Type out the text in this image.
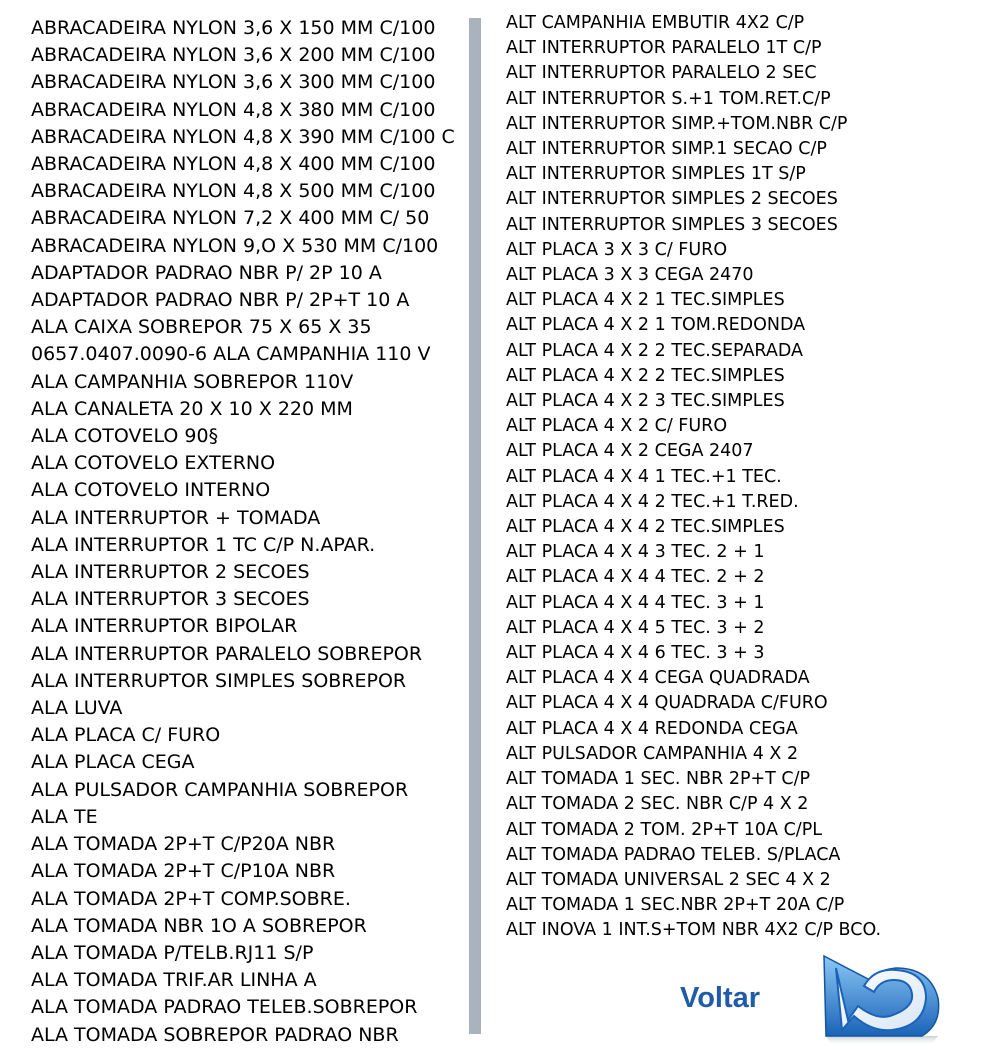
ABRACADEIRA NYLON 3,6 X 150 MM C/100
ABRACADEIRA NYLON 3,6 X 200 MM C/100
ABRACADEIRA NYLON 3,6 X 300 MM C/100
ABRACADEIRA NYLON 4,8 X 380 MM C/100
ABRACADEIRA NYLON 4,8 X 390 MM C/100 C
ABRACADEIRA NYLON 4,8 X 400 MM C/100
ABRACADEIRA NYLON 4,8 X 500 MM C/100
ABRACADEIRA NYLON 7,2 X 400 MM C/ 50
ABRACADEIRA NYLON 9,O X 530 MM C/100
ADAPTADOR PADRAO NBR P/ 2P 10 A
ADAPTADOR PADRAO NBR P/ 2P+T 10 A
ALA CAIXA SOBREPOR 75 X 65 X 35
0657.0407.0090-6 ALA CAMPANHIA 110 V
ALA CAMPANHIA SOBREPOR 110V
ALA CANALETA 20 X 10 X 220 MM
ALA COTOVELO 90§
ALA COTOVELO EXTERNO
ALA COTOVELO INTERNO
ALA INTERRUPTOR + TOMADA
ALA INTERRUPTOR 1 TC C/P N.APAR.
ALA INTERRUPTOR 2 SECOES
ALA INTERRUPTOR 3 SECOES
ALA INTERRUPTOR BIPOLAR
ALA INTERRUPTOR PARALELO SOBREPOR
ALA INTERRUPTOR SIMPLES SOBREPOR
ALA LUVA
ALA PLACA C/ FURO
ALA PLACA CEGA
ALA PULSADOR CAMPANHIA SOBREPOR
ALA TE
ALA TOMADA 2P+T C/P20A NBR
ALA TOMADA 2P+T C/P10A NBR
ALA TOMADA 2P+T COMP.SOBRE.
ALA TOMADA NBR 1O A SOBREPOR
ALA TOMADA P/TELB.RJ11 S/P
ALA TOMADA TRIF.AR LINHA A
ALA TOMADA PADRAO TELEB.SOBREPOR
ALA TOMADA SOBREPOR PADRAO NBR
ALT CAMPANHIA EMBUTIR 4X2 C/P
ALT INTERRUPTOR PARALELO 1T C/P
ALT INTERRUPTOR PARALELO 2 SEC
ALT INTERRUPTOR S.+1 TOM.RET.C/P
ALT INTERRUPTOR SIMP.+TOM.NBR C/P
ALT INTERRUPTOR SIMP.1 SECAO C/P
ALT INTERRUPTOR SIMPLES 1T S/P
ALT INTERRUPTOR SIMPLES 2 SECOES
ALT INTERRUPTOR SIMPLES 3 SECOES
ALT PLACA 3 X 3 C/ FURO
ALT PLACA 3 X 3 CEGA 2470
ALT PLACA 4 X 2 1 TEC.SIMPLES
ALT PLACA 4 X 2 1 TOM.REDONDA
ALT PLACA 4 X 2 2 TEC.SEPARADA
ALT PLACA 4 X 2 2 TEC.SIMPLES
ALT PLACA 4 X 2 3 TEC.SIMPLES
ALT PLACA 4 X 2 C/ FURO
ALT PLACA 4 X 2 CEGA 2407
ALT PLACA 4 X 4 1 TEC.+1 TEC.
ALT PLACA 4 X 4 2 TEC.+1 T.RED.
ALT PLACA 4 X 4 2 TEC.SIMPLES
ALT PLACA 4 X 4 3 TEC. 2 + 1
ALT PLACA 4 X 4 4 TEC. 2 + 2
ALT PLACA 4 X 4 4 TEC. 3 + 1
ALT PLACA 4 X 4 5 TEC. 3 + 2
ALT PLACA 4 X 4 6 TEC. 3 + 3
ALT PLACA 4 X 4 CEGA QUADRADA
ALT PLACA 4 X 4 QUADRADA C/FURO
ALT PLACA 4 X 4 REDONDA CEGA
ALT PULSADOR CAMPANHIA 4 X 2
ALT TOMADA 1 SEC. NBR 2P+T C/P
ALT TOMADA 2 SEC. NBR C/P 4 X 2
ALT TOMADA 2 TOM. 2P+T 10A C/PL
ALT TOMADA PADRAO TELEB. S/PLACA
ALT TOMADA UNIVERSAL 2 SEC 4 X 2
ALT TOMADA 1 SEC.NBR 2P+T 20A C/P
ALT INOVA 1 INT.S+TOM NBR 4X2 C/P BCO.
Voltar
